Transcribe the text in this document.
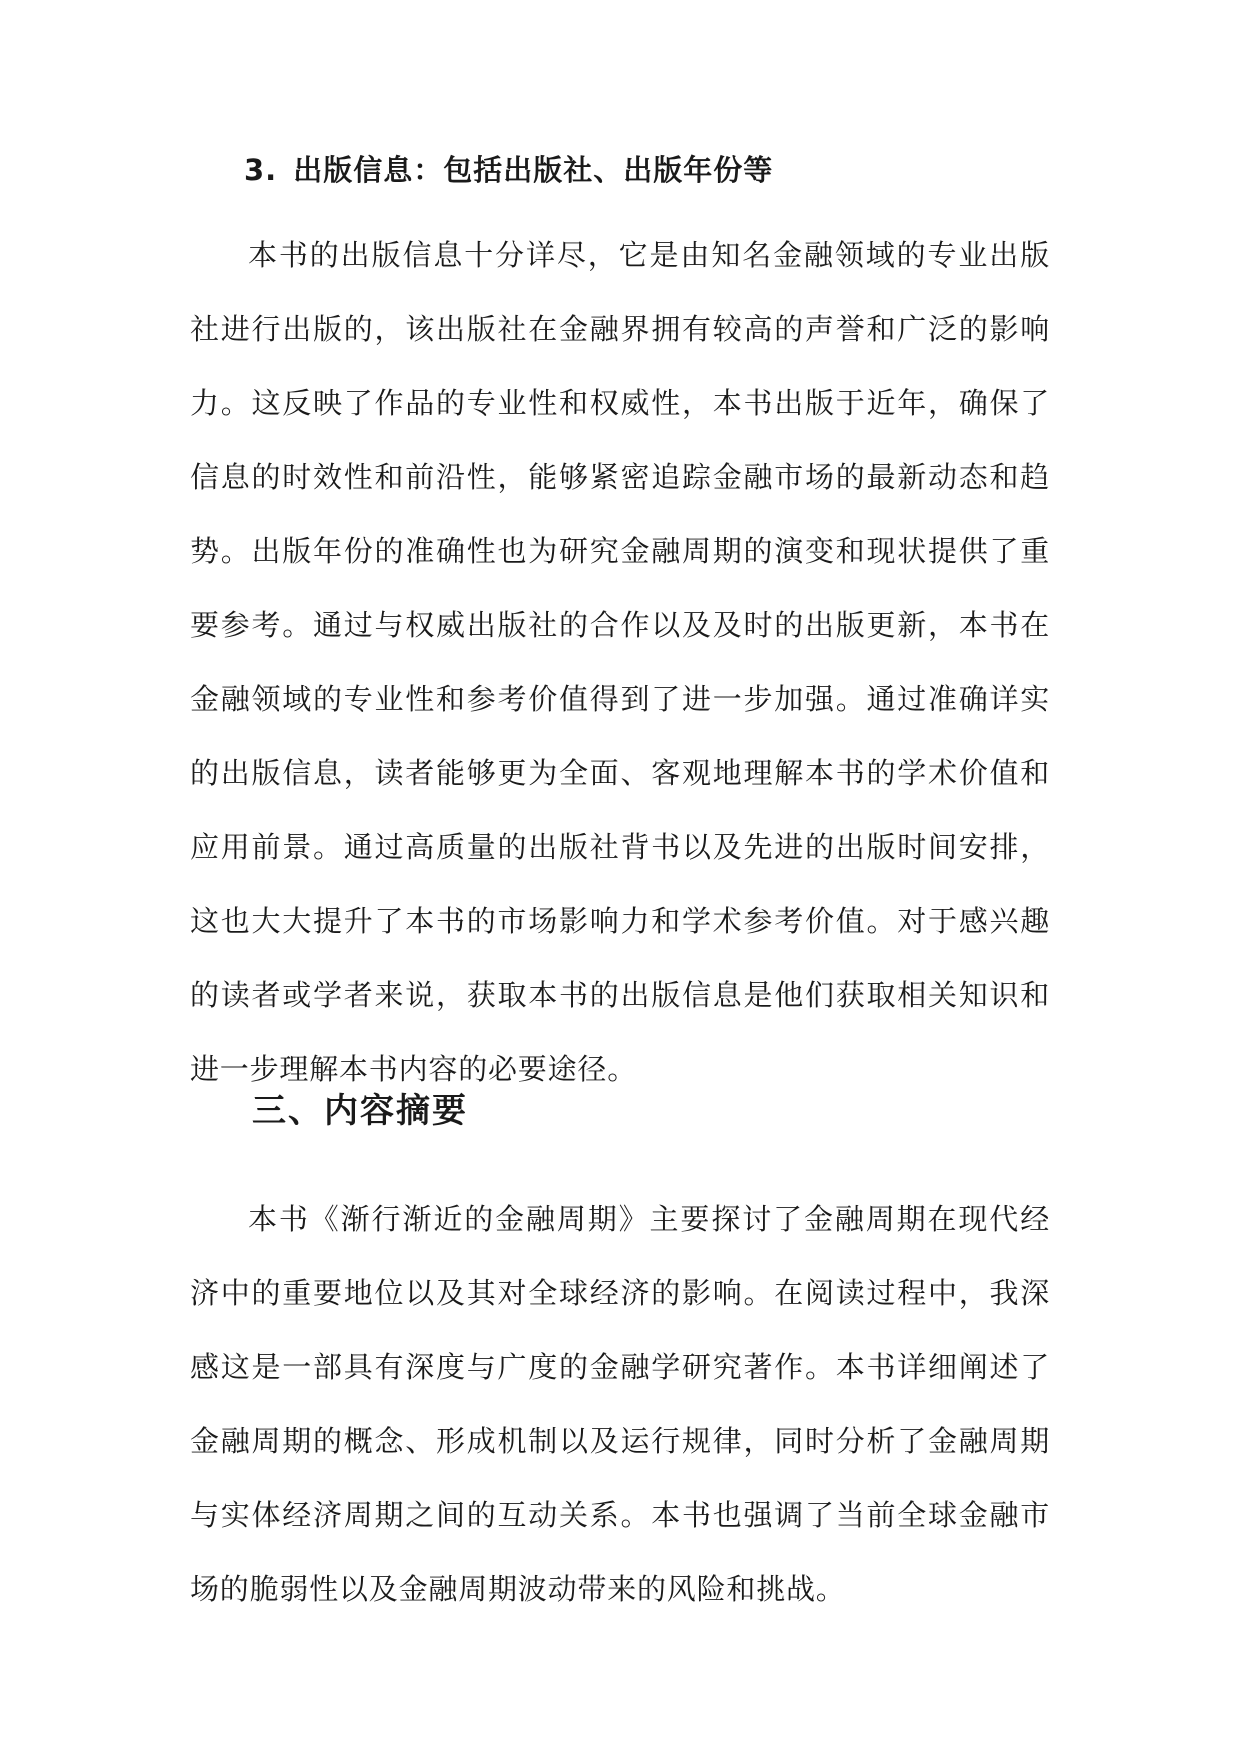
3. 出版信息：包括出版社、出版年份等

本书的出版信息十分详尽，它是由知名金融领域的专业出版社进行出版的，该出版社在金融界拥有较高的声誉和广泛的影响力。这反映了作品的专业性和权威性，本书出版于近年，确保了信息的时效性和前沿性，能够紧密追踪金融市场的最新动态和趋势。出版年份的准确性也为研究金融周期的演变和现状提供了重要参考。通过与权威出版社的合作以及及时的出版更新，本书在金融领域的专业性和参考价值得到了进一步加强。通过准确详实的出版信息，读者能够更为全面、客观地理解本书的学术价值和应用前景。通过高质量的出版社背书以及先进的出版时间安排，这也大大提升了本书的市场影响力和学术参考价值。对于感兴趣的读者或学者来说，获取本书的出版信息是他们获取相关知识和进一步理解本书内容的必要途径。

三、内容摘要

本书《渐行渐近的金融周期》主要探讨了金融周期在现代经济中的重要地位以及其对全球经济的影响。在阅读过程中，我深感这是一部具有深度与广度的金融学研究著作。本书详细阐述了金融周期的概念、形成机制以及运行规律，同时分析了金融周期与实体经济周期之间的互动关系。本书也强调了当前全球金融市场的脆弱性以及金融周期波动带来的风险和挑战。
